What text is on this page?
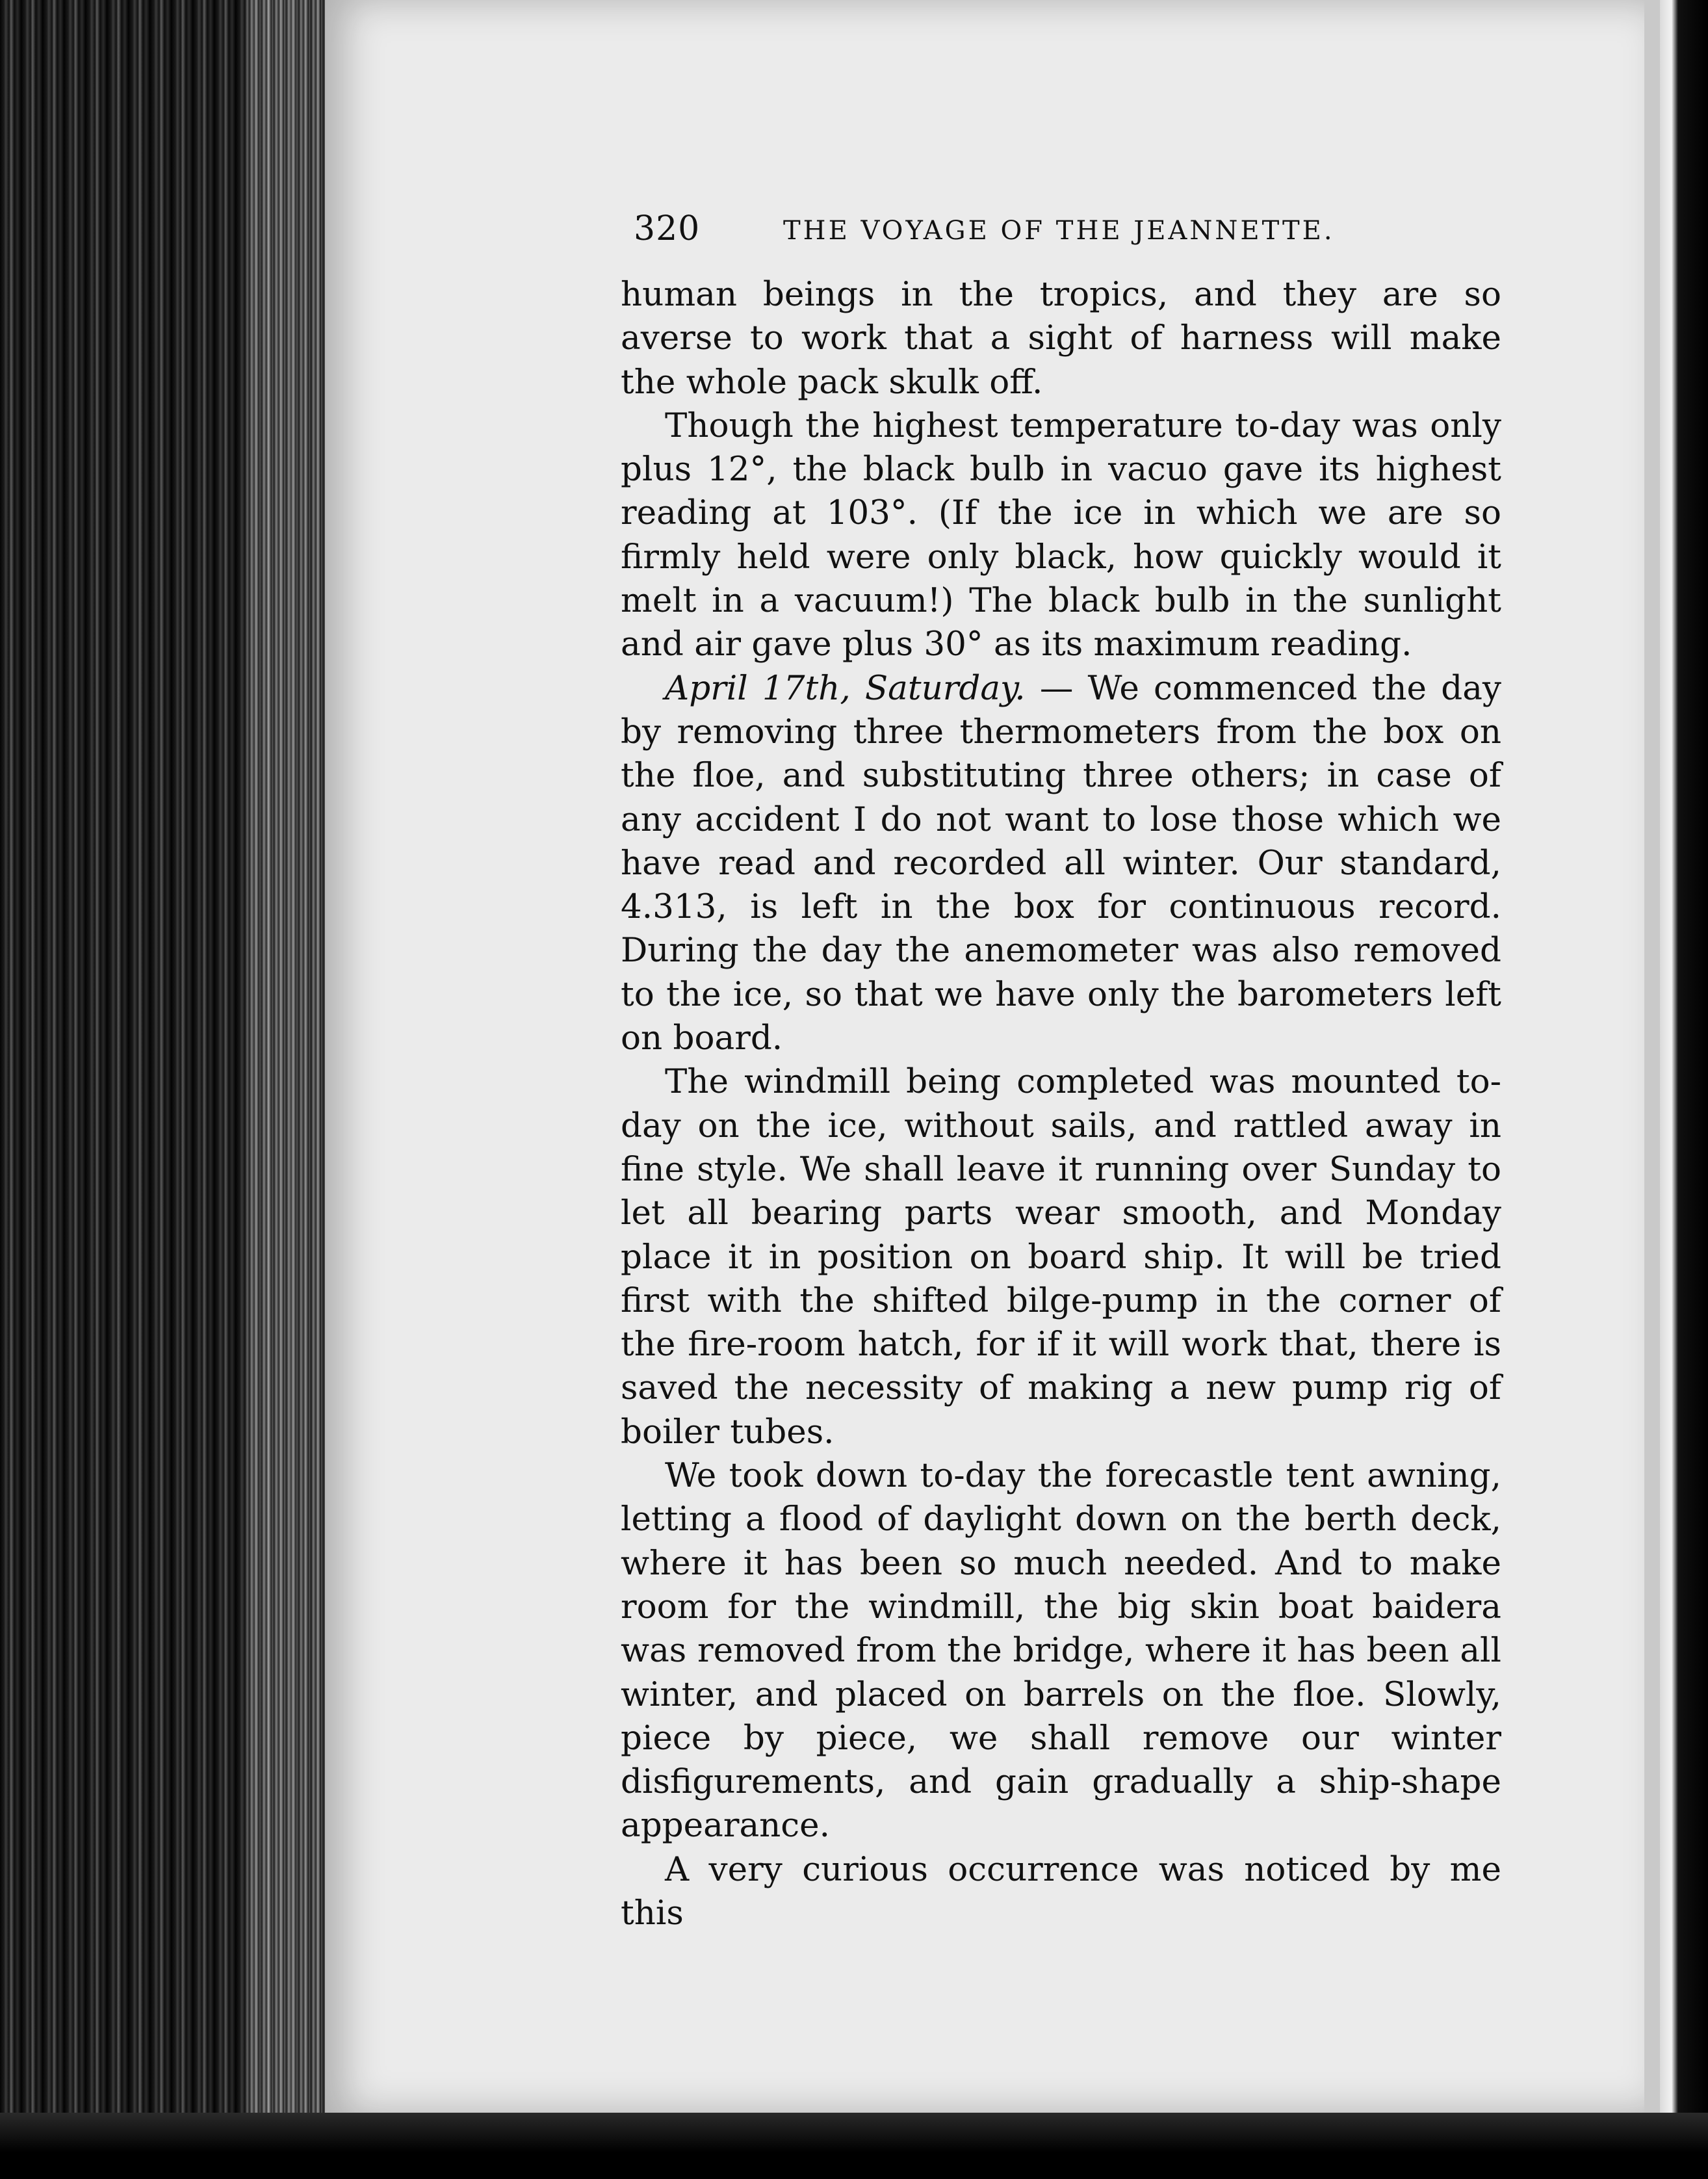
320	THE VOYAGE OF THE JEANNETTE.

human beings in the tropics, and they are so averse to work that a sight of harness will make the whole pack skulk off.

Though the highest temperature to-day was only plus 12°, the black bulb in vacuo gave its highest reading at 103°. (If the ice in which we are so firmly held were only black, how quickly would it melt in a vacuum!) The black bulb in the sunlight and air gave plus 30° as its maximum reading.

April 17th, Saturday. — We commenced the day by removing three thermometers from the box on the floe, and substituting three others; in case of any accident I do not want to lose those which we have read and recorded all winter. Our standard, 4.313, is left in the box for continuous record. During the day the anemometer was also removed to the ice, so that we have only the barometers left on board.

The windmill being completed was mounted to-day on the ice, without sails, and rattled away in fine style. We shall leave it running over Sunday to let all bearing parts wear smooth, and Monday place it in position on board ship. It will be tried first with the shifted bilge-pump in the corner of the fire-room hatch, for if it will work that, there is saved the necessity of making a new pump rig of boiler tubes.

We took down to-day the forecastle tent awning, letting a flood of daylight down on the berth deck, where it has been so much needed. And to make room for the windmill, the big skin boat baidera was removed from the bridge, where it has been all winter, and placed on barrels on the floe. Slowly, piece by piece, we shall remove our winter disfigurements, and gain gradually a ship-shape appearance.

A very curious occurrence was noticed by me this
